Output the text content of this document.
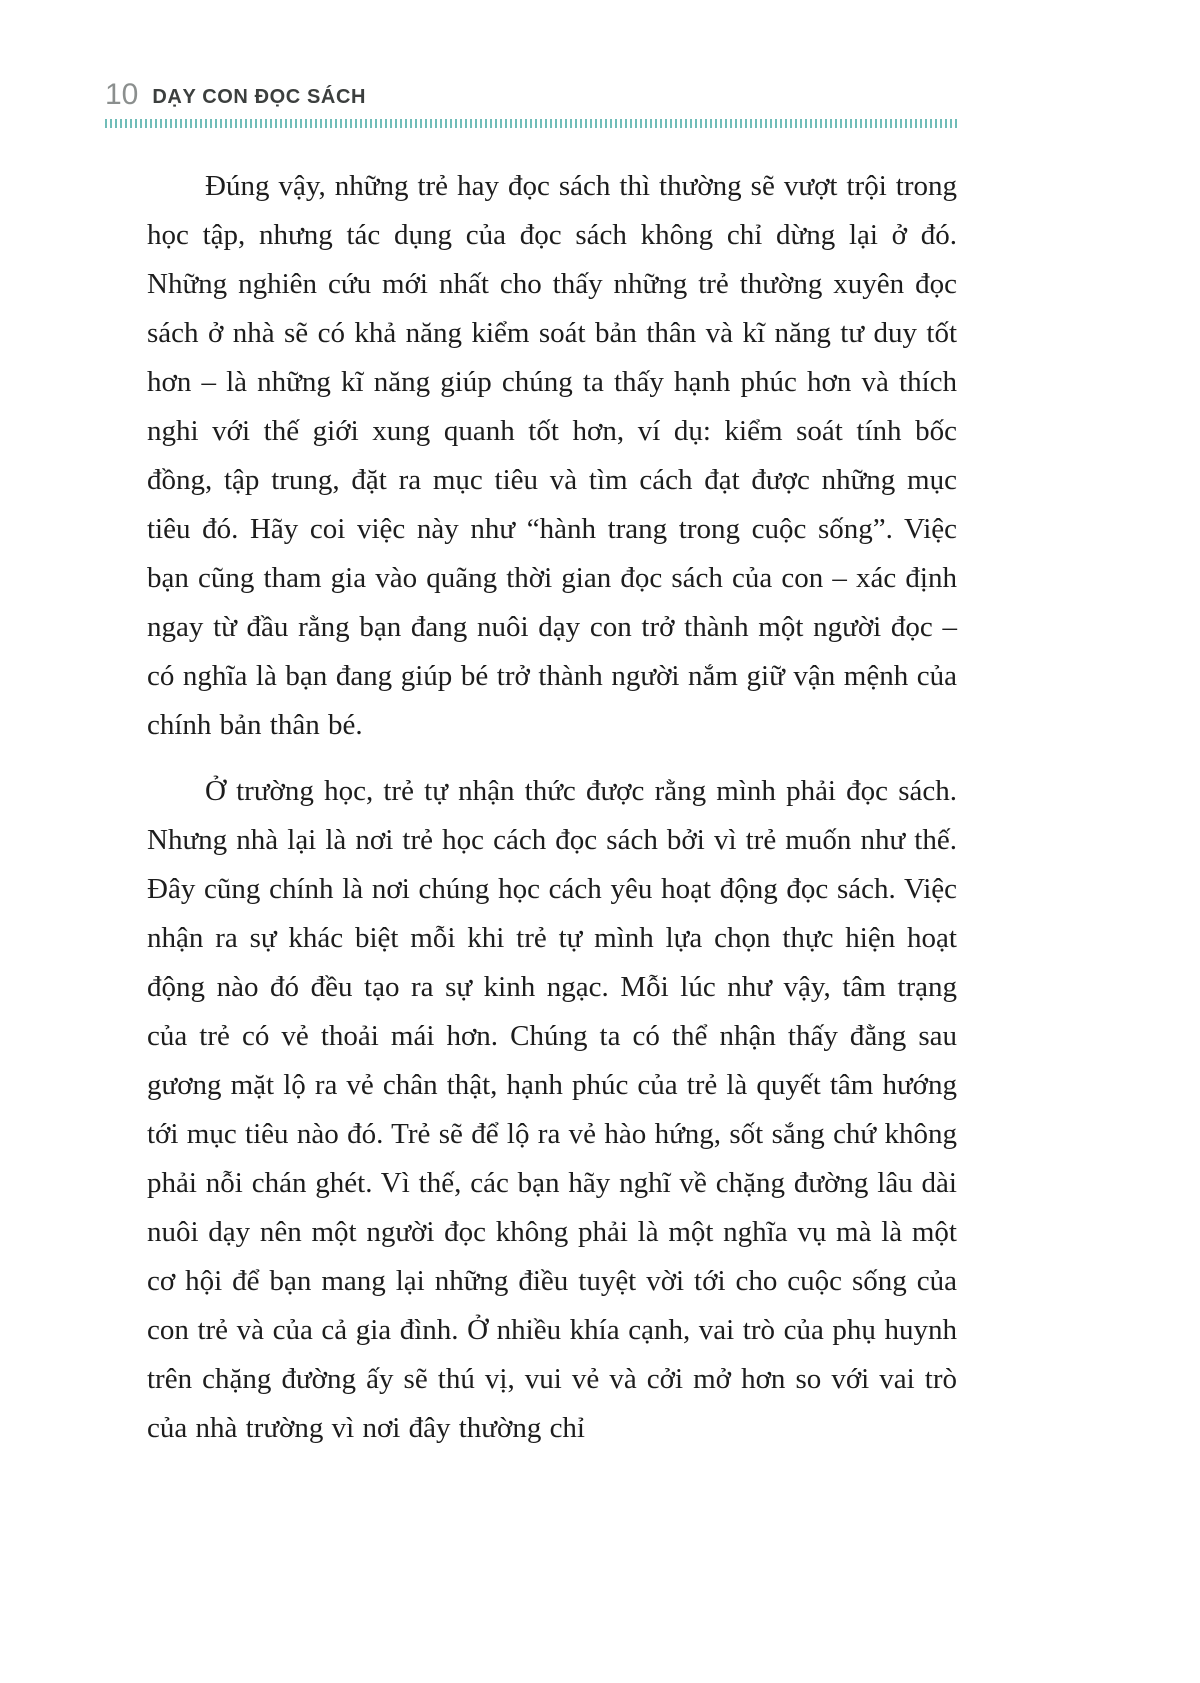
10 DẠY CON ĐỌC SÁCH

Đúng vậy, những trẻ hay đọc sách thì thường sẽ vượt trội trong học tập, nhưng tác dụng của đọc sách không chỉ dừng lại ở đó. Những nghiên cứu mới nhất cho thấy những trẻ thường xuyên đọc sách ở nhà sẽ có khả năng kiểm soát bản thân và kĩ năng tư duy tốt hơn – là những kĩ năng giúp chúng ta thấy hạnh phúc hơn và thích nghi với thế giới xung quanh tốt hơn, ví dụ: kiểm soát tính bốc đồng, tập trung, đặt ra mục tiêu và tìm cách đạt được những mục tiêu đó. Hãy coi việc này như “hành trang trong cuộc sống”. Việc bạn cũng tham gia vào quãng thời gian đọc sách của con – xác định ngay từ đầu rằng bạn đang nuôi dạy con trở thành một người đọc – có nghĩa là bạn đang giúp bé trở thành người nắm giữ vận mệnh của chính bản thân bé.

Ở trường học, trẻ tự nhận thức được rằng mình phải đọc sách. Nhưng nhà lại là nơi trẻ học cách đọc sách bởi vì trẻ muốn như thế. Đây cũng chính là nơi chúng học cách yêu hoạt động đọc sách. Việc nhận ra sự khác biệt mỗi khi trẻ tự mình lựa chọn thực hiện hoạt động nào đó đều tạo ra sự kinh ngạc. Mỗi lúc như vậy, tâm trạng của trẻ có vẻ thoải mái hơn. Chúng ta có thể nhận thấy đằng sau gương mặt lộ ra vẻ chân thật, hạnh phúc của trẻ là quyết tâm hướng tới mục tiêu nào đó. Trẻ sẽ để lộ ra vẻ hào hứng, sốt sắng chứ không phải nỗi chán ghét. Vì thế, các bạn hãy nghĩ về chặng đường lâu dài nuôi dạy nên một người đọc không phải là một nghĩa vụ mà là một cơ hội để bạn mang lại những điều tuyệt vời tới cho cuộc sống của con trẻ và của cả gia đình. Ở nhiều khía cạnh, vai trò của phụ huynh trên chặng đường ấy sẽ thú vị, vui vẻ và cởi mở hơn so với vai trò của nhà trường vì nơi đây thường chỉ
